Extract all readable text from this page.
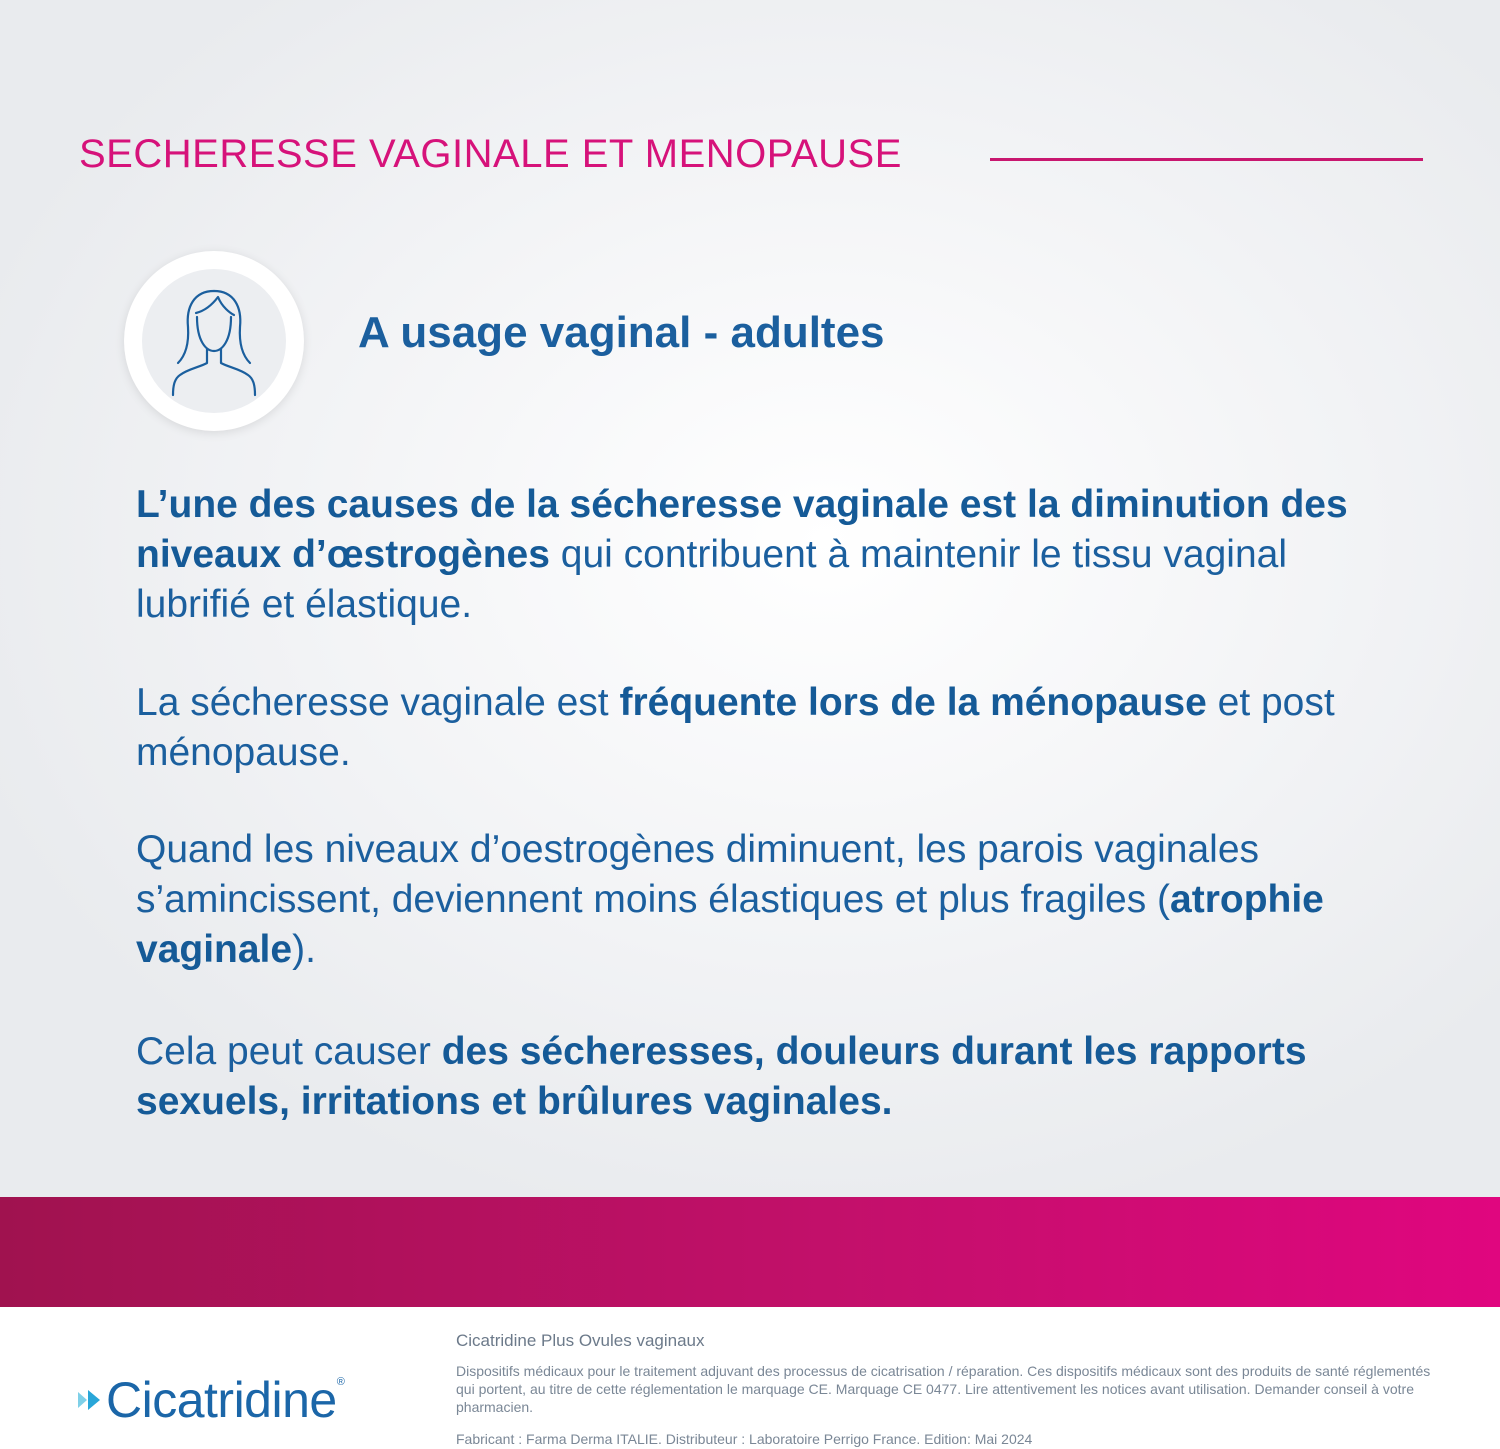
SECHERESSE VAGINALE ET MENOPAUSE
A usage vaginal - adultes
L’une des causes de la sécheresse vaginale est la diminution des niveaux d’œstrogènes qui contribuent à maintenir le tissu vaginal lubrifié et élastique.
La sécheresse vaginale est fréquente lors de la ménopause et post ménopause.
Quand les niveaux d’oestrogènes diminuent, les parois vaginales s’amincissent, deviennent moins élastiques et plus fragiles (atrophie vaginale).
Cela peut causer des sécheresses, douleurs durant les rapports sexuels, irritations et brûlures vaginales.
Cicatridine ®
Cicatridine Plus Ovules vaginaux
Dispositifs médicaux pour le traitement adjuvant des processus de cicatrisation / réparation. Ces dispositifs médicaux sont des produits de santé réglementés qui portent, au titre de cette réglementation le marquage CE. Marquage CE 0477. Lire attentivement les notices avant utilisation. Demander conseil à votre pharmacien.
Fabricant : Farma Derma ITALIE. Distributeur : Laboratoire Perrigo France. Edition: Mai 2024
